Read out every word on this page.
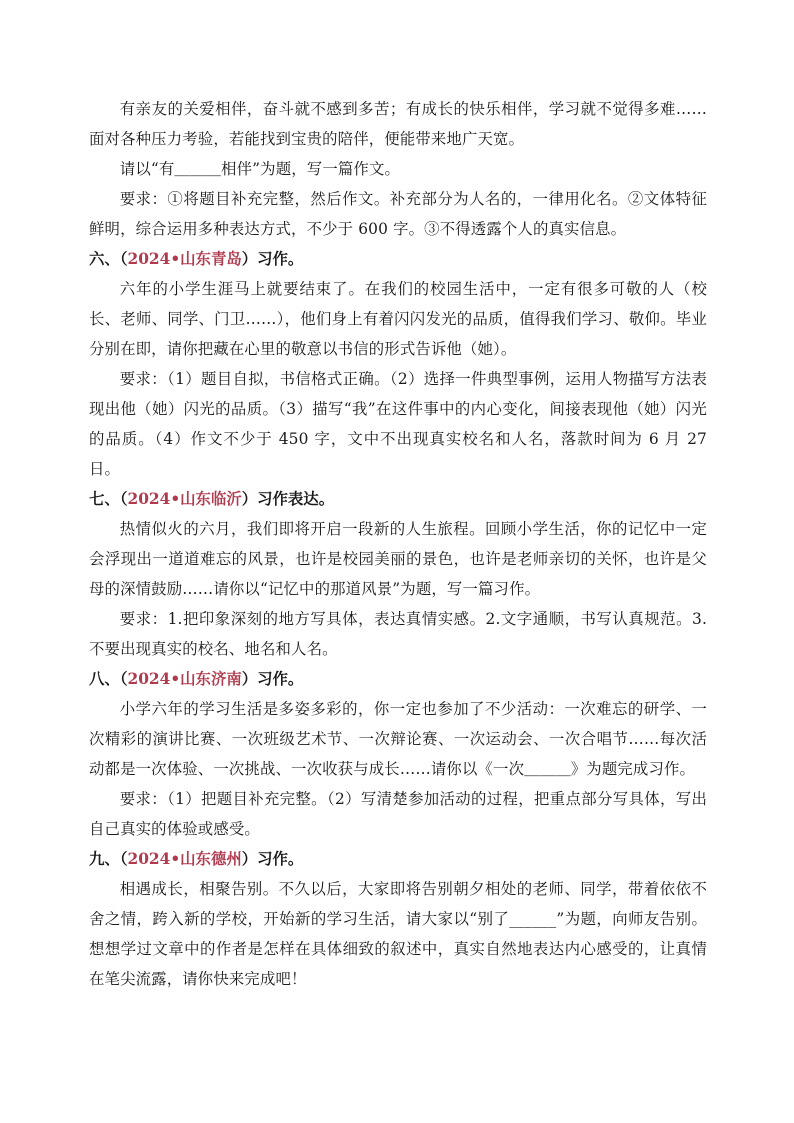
有亲友的关爱相伴，奋斗就不感到多苦；有成长的快乐相伴，学习就不觉得多难……面对各种压力考验，若能找到宝贵的陪伴，便能带来地广天宽。

请以“有＿＿＿相伴”为题，写一篇作文。

要求：①将题目补充完整，然后作文。补充部分为人名的，一律用化名。②文体特征鲜明，综合运用多种表达方式，不少于 600 字。③不得透露个人的真实信息。

六、（2024•山东青岛）习作。

六年的小学生涯马上就要结束了。在我们的校园生活中，一定有很多可敬的人（校长、老师、同学、门卫……），他们身上有着闪闪发光的品质，值得我们学习、敬仰。毕业分别在即，请你把藏在心里的敬意以书信的形式告诉他（她）。

要求：（1）题目自拟，书信格式正确。（2）选择一件典型事例，运用人物描写方法表现出他（她）闪光的品质。（3）描写“我”在这件事中的内心变化，间接表现他（她）闪光的品质。（4）作文不少于 450 字，文中不出现真实校名和人名，落款时间为 6 月 27 日。

七、（2024•山东临沂）习作表达。

热情似火的六月，我们即将开启一段新的人生旅程。回顾小学生活，你的记忆中一定会浮现出一道道难忘的风景，也许是校园美丽的景色，也许是老师亲切的关怀，也许是父母的深情鼓励……请你以“记忆中的那道风景”为题，写一篇习作。

要求：1.把印象深刻的地方写具体，表达真情实感。2.文字通顺，书写认真规范。3.不要出现真实的校名、地名和人名。

八、（2024•山东济南）习作。

小学六年的学习生活是多姿多彩的，你一定也参加了不少活动：一次难忘的研学、一次精彩的演讲比赛、一次班级艺术节、一次辩论赛、一次运动会、一次合唱节……每次活动都是一次体验、一次挑战、一次收获与成长……请你以《一次＿＿＿》为题完成习作。

要求：（1）把题目补充完整。（2）写清楚参加活动的过程，把重点部分写具体，写出自己真实的体验或感受。

九、（2024•山东德州）习作。

相遇成长，相聚告别。不久以后，大家即将告别朝夕相处的老师、同学，带着依依不舍之情，跨入新的学校，开始新的学习生活，请大家以“别了______”为题，向师友告别。想想学过文章中的作者是怎样在具体细致的叙述中，真实自然地表达内心感受的，让真情在笔尖流露，请你快来完成吧！
